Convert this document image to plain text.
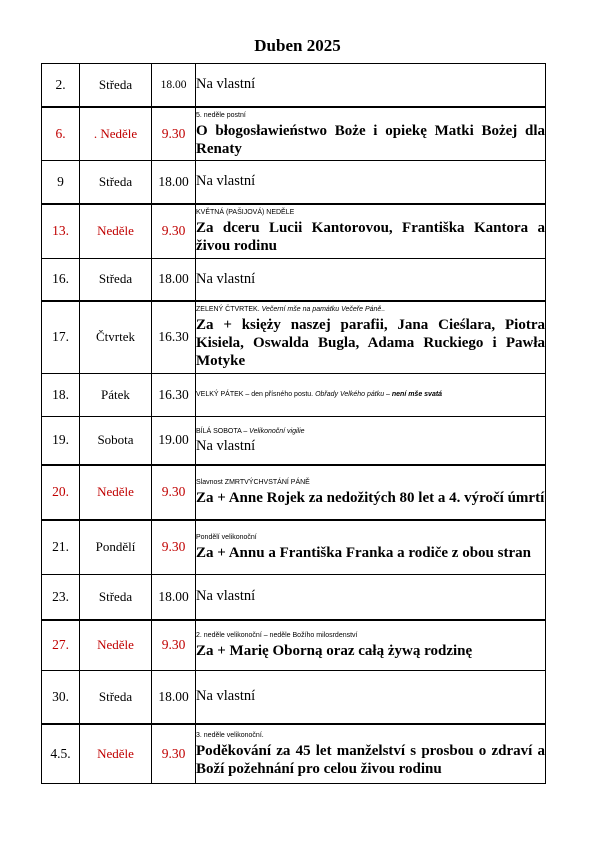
Duben 2025
2.	Středa	18.00	Na vlastní

6.	. Neděle	9.30	5. neděle postní
O błogosławieństwo Boże i opiekę Matki Bożej dla Renaty

9	Středa	18.00	Na vlastní

13.	Neděle	9.30	KVĚTNÁ (PAŠIJOVÁ) NEDĚLE
Za dceru Lucii Kantorovou, Františka Kantora a živou rodinu

16.	Středa	18.00	Na vlastní

17.	Čtvrtek	16.30	ZELENÝ ČTVRTEK. Večerní mše na památku Večeře Páně..
Za + księży naszej parafii, Jana Cieślara, Piotra Kisiela, Oswalda Bugla, Adama Ruckiego i Pawła Motyke

18.	Pátek	16.30	VELKÝ PÁTEK – den přísného postu. Obřady Velkého pátku – není mše svatá

19.	Sobota	19.00	BÍLÁ SOBOTA – Velikonoční vigilie
Na vlastní

20.	Neděle	9.30	Slavnost ZMRTVÝCHVSTÁNÍ PÁNĚ
Za + Anne Rojek za nedožitých 80 let a 4. výročí úmrtí

21.	Pondělí	9.30	Pondělí velikonoční
Za + Annu a Františka Franka a rodiče z obou stran

23.	Středa	18.00	Na vlastní

27.	Neděle	9.30	2. neděle velikonoční – neděle Božího milosrdenství
Za + Marię Oborną oraz całą żywą rodzinę

30.	Středa	18.00	Na vlastní

4.5.	Neděle	9.30	3. neděle velikonoční.
Poděkování za 45 let manželství s prosbou o zdraví a Boží požehnání pro celou živou rodinu
